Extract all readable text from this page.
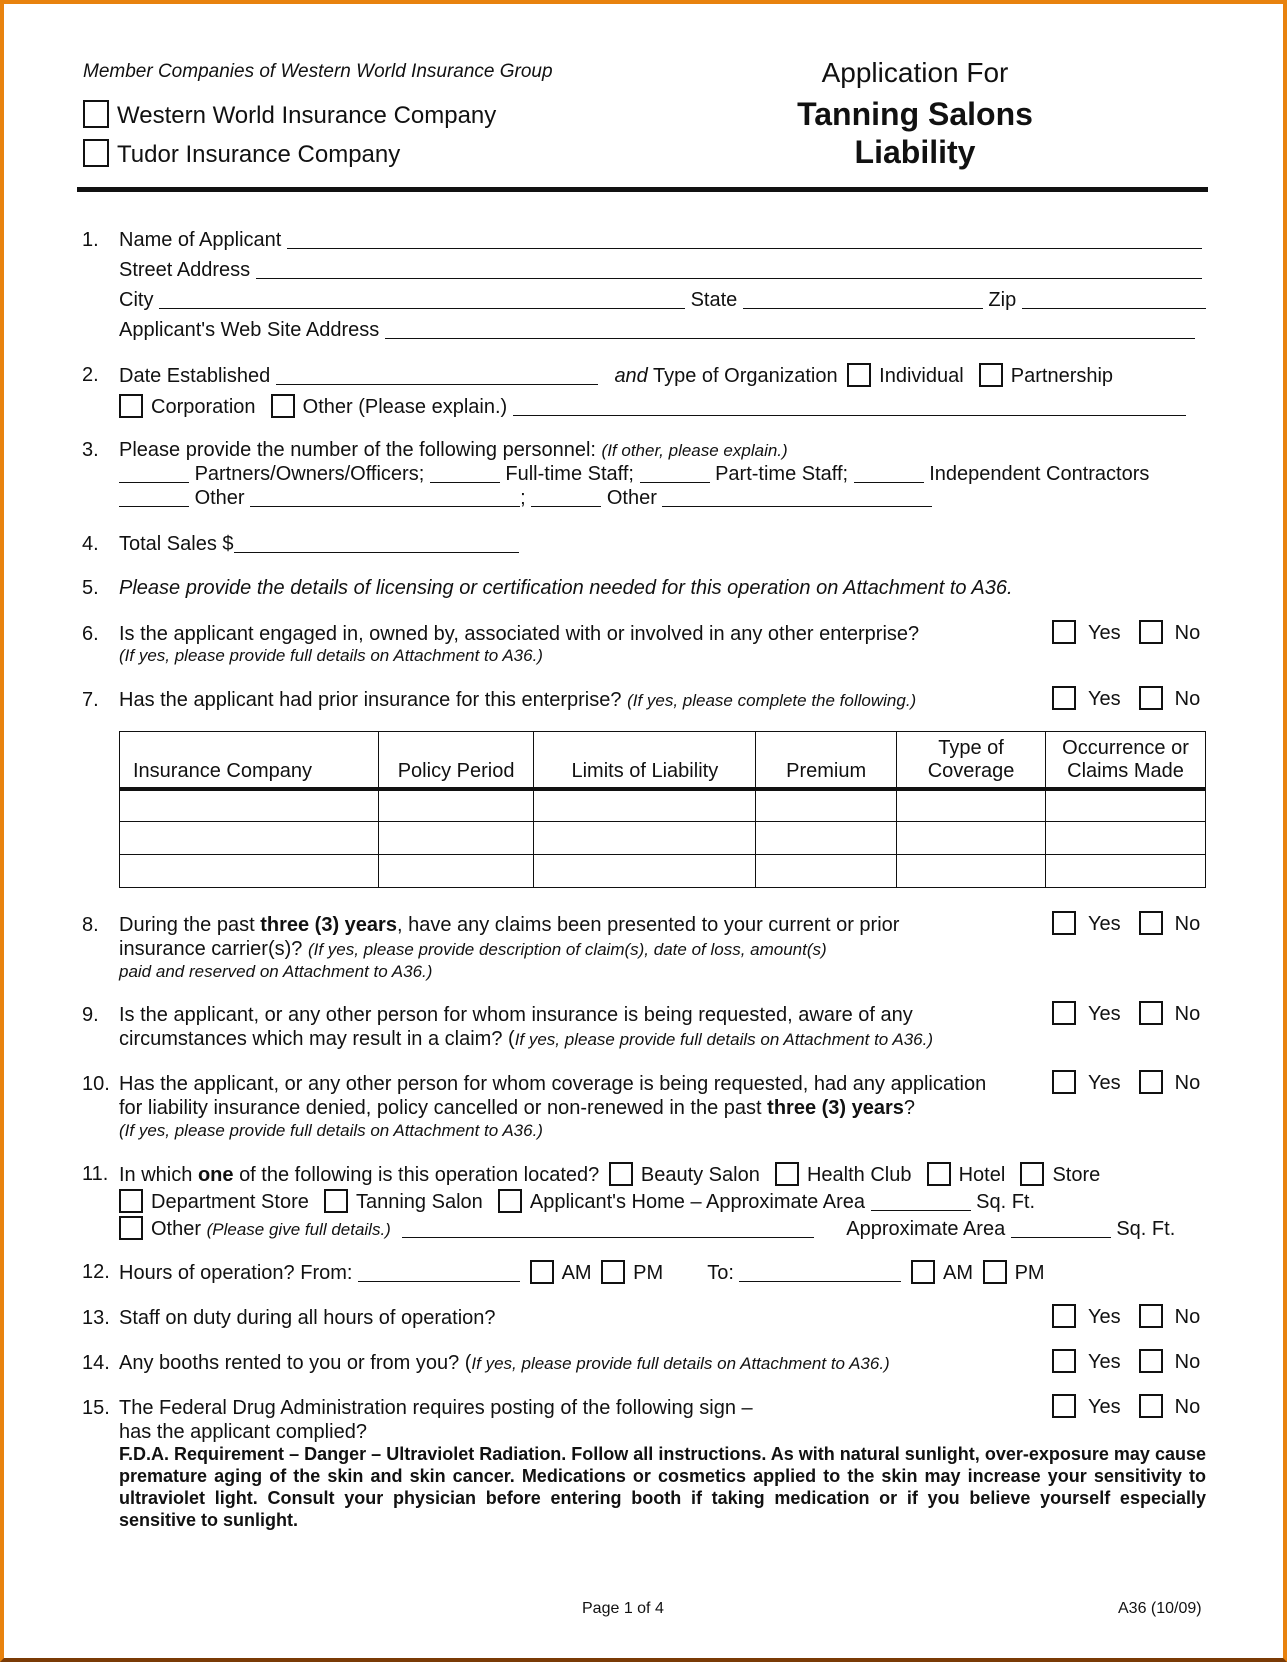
Member Companies of Western World Insurance Group
Western World Insurance Company
Tudor Insurance Company
Application For
Tanning Salons
Liability
1. Name of Applicant
Street Address
City	State	Zip
Applicant's Web Site Address
2. Date Established	and Type of Organization Individual Partnership
Corporation Other (Please explain.)
3. Please provide the number of the following personnel: (If other, please explain.)
Partners/Owners/Officers;	Full-time Staff;	Part-time Staff;	Independent Contractors
Other	;	Other
4. Total Sales $
5. Please provide the details of licensing or certification needed for this operation on Attachment to A36.
6. Is the applicant engaged in, owned by, associated with or involved in any other enterprise?
(If yes, please provide full details on Attachment to A36.)
Yes	No
7. Has the applicant had prior insurance for this enterprise? (If yes, please complete the following.)	Yes	No
Insurance Company	Policy Period	Limits of Liability	Premium	Type of Coverage	Occurrence or Claims Made

8. During the past three (3) years, have any claims been presented to your current or prior
insurance carrier(s)? (If yes, please provide description of claim(s), date of loss, amount(s)
paid and reserved on Attachment to A36.)
Yes	No
9. Is the applicant, or any other person for whom insurance is being requested, aware of any
circumstances which may result in a claim? (If yes, please provide full details on Attachment to A36.)
Yes	No
10. Has the applicant, or any other person for whom coverage is being requested, had any application
for liability insurance denied, policy cancelled or non-renewed in the past three (3) years?
(If yes, please provide full details on Attachment to A36.)
Yes	No
11. In which one of the following is this operation located? Beauty Salon Health Club Hotel Store
Department Store Tanning Salon Applicant's Home – Approximate Area	Sq. Ft.
Other (Please give full details.)	Approximate Area	Sq. Ft.
12. Hours of operation? From:	AM PM To:	AM PM
13. Staff on duty during all hours of operation?	Yes	No
14. Any booths rented to you or from you? (If yes, please provide full details on Attachment to A36.)	Yes	No
15. The Federal Drug Administration requires posting of the following sign –
has the applicant complied?
F.D.A. Requirement – Danger – Ultraviolet Radiation. Follow all instructions. As with natural sunlight, over-exposure may cause premature aging of the skin and skin cancer. Medications or cosmetics applied to the skin may increase your sensitivity to ultraviolet light. Consult your physician before entering booth if taking medication or if you believe yourself especially sensitive to sunlight.
Yes	No
Page 1 of 4	A36 (10/09)
